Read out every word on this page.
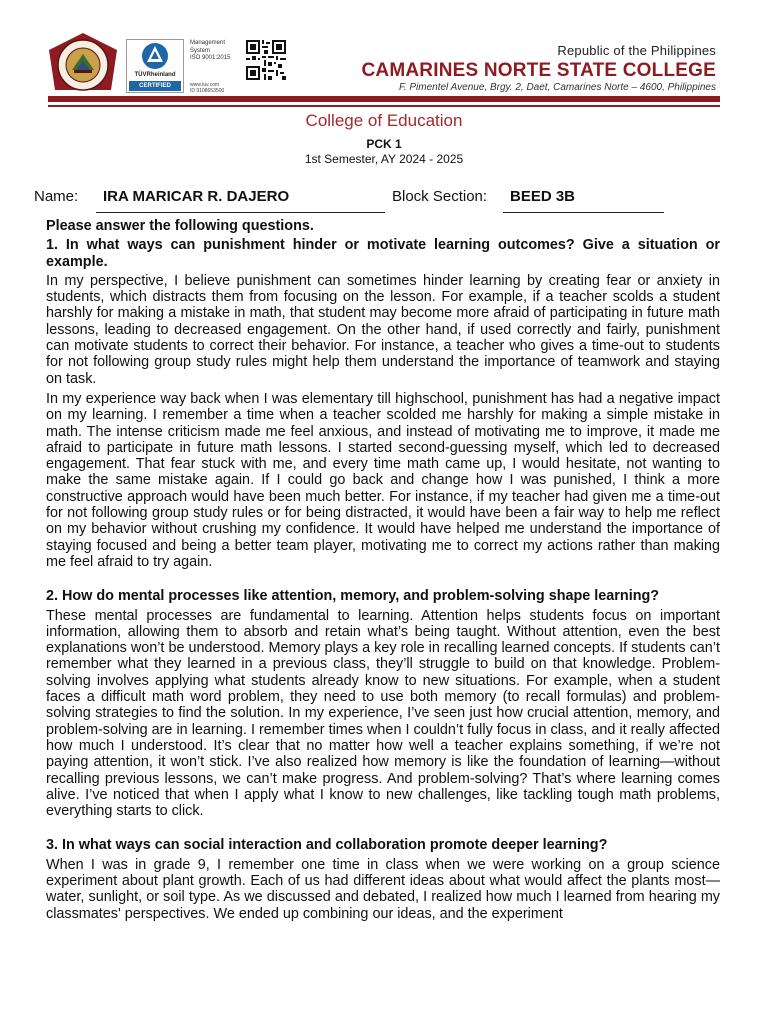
TÜVRheinland
CERTIFIED
Management
System
ISO 9001:2015
www.tuv.com
ID 9108653500
Republic of the Philippines
CAMARINES NORTE STATE COLLEGE
F. Pimentel Avenue, Brgy. 2, Daet, Camarines Norte – 4600, Philippines
College of Education
PCK 1
1st Semester, AY 2024 - 2025
Name: IRA MARICAR R. DAJERO	Block Section: BEED 3B

Please answer the following questions.

1. In what ways can punishment hinder or motivate learning outcomes? Give a situation or example.

In my perspective, I believe punishment can sometimes hinder learning by creating fear or anxiety in students, which distracts them from focusing on the lesson. For example, if a teacher scolds a student harshly for making a mistake in math, that student may become more afraid of participating in future math lessons, leading to decreased engagement. On the other hand, if used correctly and fairly, punishment can motivate students to correct their behavior. For instance, a teacher who gives a time-out to students for not following group study rules might help them understand the importance of teamwork and staying on task.

In my experience way back when I was elementary till highschool, punishment has had a negative impact on my learning. I remember a time when a teacher scolded me harshly for making a simple mistake in math. The intense criticism made me feel anxious, and instead of motivating me to improve, it made me afraid to participate in future math lessons. I started second-guessing myself, which led to decreased engagement. That fear stuck with me, and every time math came up, I would hesitate, not wanting to make the same mistake again. If I could go back and change how I was punished, I think a more constructive approach would have been much better. For instance, if my teacher had given me a time-out for not following group study rules or for being distracted, it would have been a fair way to help me reflect on my behavior without crushing my confidence. It would have helped me understand the importance of staying focused and being a better team player, motivating me to correct my actions rather than making me feel afraid to try again.

2. How do mental processes like attention, memory, and problem-solving shape learning?

These mental processes are fundamental to learning. Attention helps students focus on important information, allowing them to absorb and retain what’s being taught. Without attention, even the best explanations won’t be understood. Memory plays a key role in recalling learned concepts. If students can’t remember what they learned in a previous class, they’ll struggle to build on that knowledge. Problem-solving involves applying what students already know to new situations. For example, when a student faces a difficult math word problem, they need to use both memory (to recall formulas) and problem-solving strategies to find the solution. In my experience, I’ve seen just how crucial attention, memory, and problem-solving are in learning. I remember times when I couldn’t fully focus in class, and it really affected how much I understood. It’s clear that no matter how well a teacher explains something, if we’re not paying attention, it won’t stick. I’ve also realized how memory is like the foundation of learning—without recalling previous lessons, we can’t make progress. And problem-solving? That’s where learning comes alive. I’ve noticed that when I apply what I know to new challenges, like tackling tough math problems, everything starts to click.

3. In what ways can social interaction and collaboration promote deeper learning?

When I was in grade 9, I remember one time in class when we were working on a group science experiment about plant growth. Each of us had different ideas about what would affect the plants most—water, sunlight, or soil type. As we discussed and debated, I realized how much I learned from hearing my classmates' perspectives. We ended up combining our ideas, and the experiment
